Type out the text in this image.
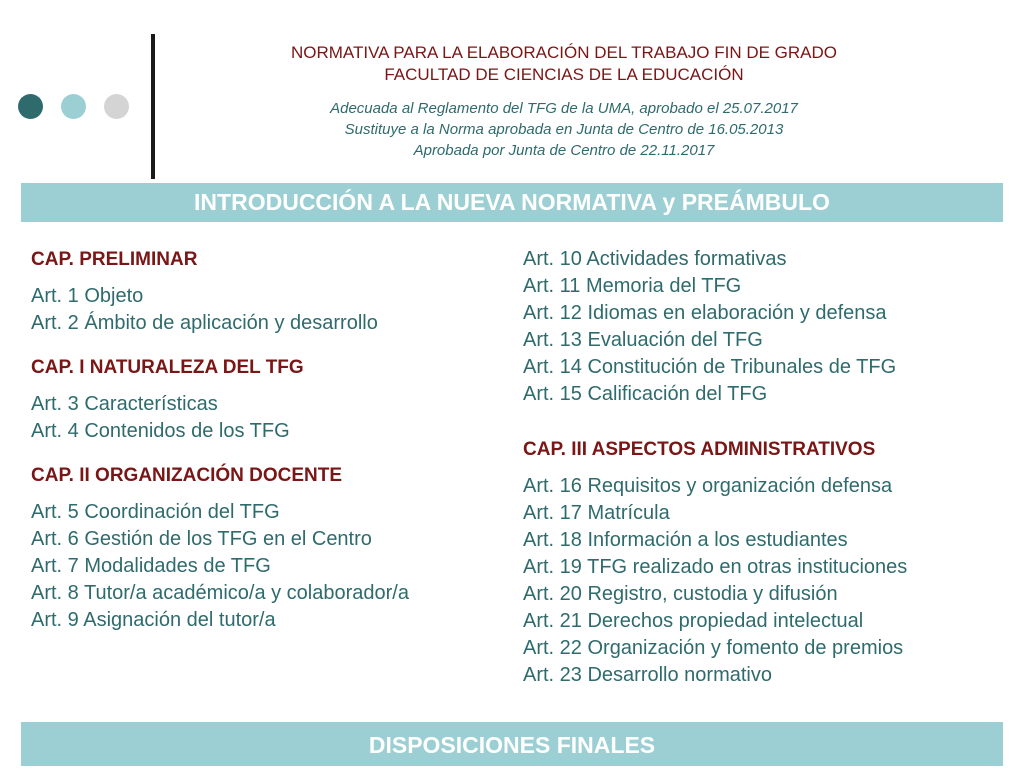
NORMATIVA PARA LA ELABORACIÓN DEL TRABAJO FIN DE GRADO
FACULTAD DE CIENCIAS DE LA EDUCACIÓN
Adecuada al Reglamento del TFG de la UMA, aprobado el 25.07.2017
Sustituye a la Norma aprobada en Junta de Centro de 16.05.2013
Aprobada por Junta de Centro de 22.11.2017
INTRODUCCIÓN A LA NUEVA NORMATIVA y PREÁMBULO
CAP. PRELIMINAR
Art. 1 Objeto
Art. 2 Ámbito de aplicación y desarrollo
CAP. I NATURALEZA DEL TFG
Art. 3 Características
Art. 4 Contenidos de los TFG
CAP. II ORGANIZACIÓN DOCENTE
Art. 5 Coordinación del TFG
Art. 6 Gestión de los TFG en el Centro
Art. 7 Modalidades de TFG
Art. 8 Tutor/a académico/a y colaborador/a
Art. 9 Asignación del tutor/a
Art. 10 Actividades formativas
Art. 11 Memoria del TFG
Art. 12 Idiomas en elaboración y defensa
Art. 13 Evaluación del TFG
Art. 14 Constitución de Tribunales de TFG
Art. 15 Calificación del TFG
CAP. III ASPECTOS ADMINISTRATIVOS
Art. 16 Requisitos y organización defensa
Art. 17 Matrícula
Art. 18 Información a los estudiantes
Art. 19 TFG realizado en otras instituciones
Art. 20 Registro, custodia y difusión
Art. 21 Derechos propiedad intelectual
Art. 22 Organización y fomento de premios
Art. 23 Desarrollo normativo
DISPOSICIONES FINALES
